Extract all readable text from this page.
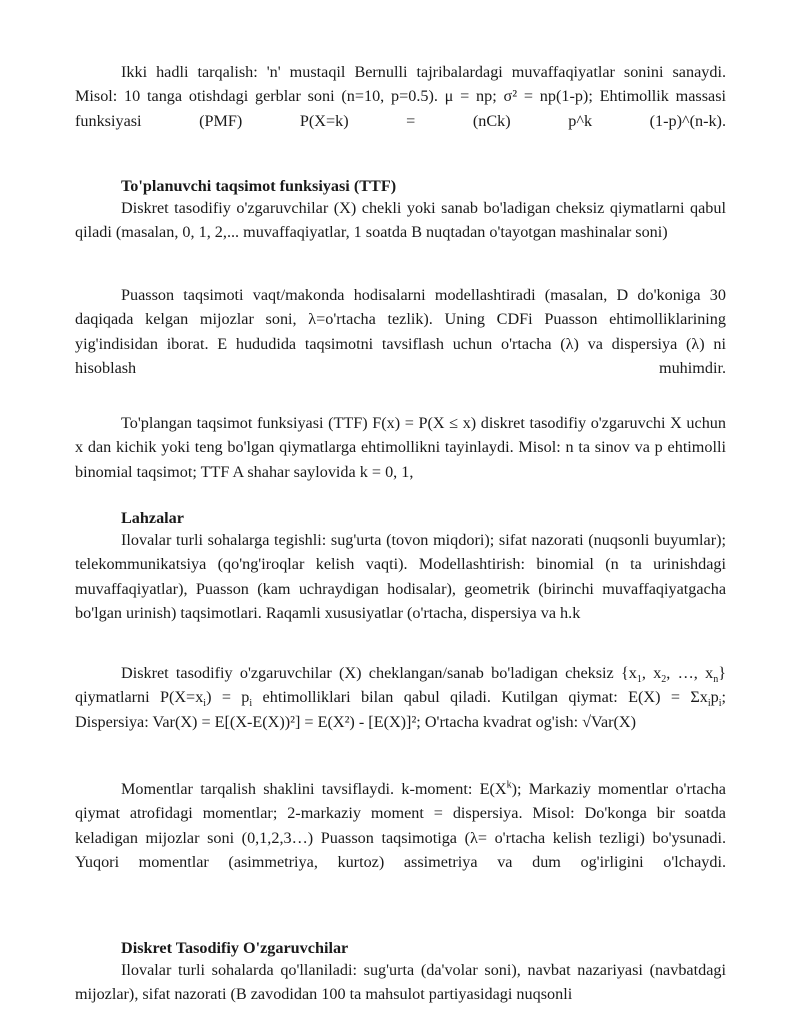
Ikki hadli tarqalish: 'n' mustaqil Bernulli tajribalardagi muvaffaqiyatlar sonini sanaydi. Misol: 10 tanga otishdagi gerblar soni (n=10, p=0.5). μ = np; σ² = np(1-p); Ehtimollik massasi funksiyasi (PMF) P(X=k) = (nCk) p^k (1-p)^(n-k).

To'planuvchi taqsimot funksiyasi (TTF)

Diskret tasodifiy o'zgaruvchilar (X) chekli yoki sanab bo'ladigan cheksiz qiymatlarni qabul qiladi (masalan, 0, 1, 2,... muvaffaqiyatlar, 1 soatda B nuqtadan o'tayotgan mashinalar soni)

Puasson taqsimoti vaqt/makonda hodisalarni modellashtiradi (masalan, D do'koniga 30 daqiqada kelgan mijozlar soni, λ=o'rtacha tezlik). Uning CDFi Puasson ehtimolliklarining yig'indisidan iborat. E hududida taqsimotni tavsiflash uchun o'rtacha (λ) va dispersiya (λ) ni hisoblash muhimdir.

To'plangan taqsimot funksiyasi (TTF) F(x) = P(X ≤ x) diskret tasodifiy o'zgaruvchi X uchun x dan kichik yoki teng bo'lgan qiymatlarga ehtimollikni tayinlaydi. Misol: n ta sinov va p ehtimolli binomial taqsimot; TTF A shahar saylovida k = 0, 1,

Lahzalar

Ilovalar turli sohalarga tegishli: sug'urta (tovon miqdori); sifat nazorati (nuqsonli buyumlar); telekommunikatsiya (qo'ng'iroqlar kelish vaqti). Modellashtirish: binomial (n ta urinishdagi muvaffaqiyatlar), Puasson (kam uchraydigan hodisalar), geometrik (birinchi muvaffaqiyatgacha bo'lgan urinish) taqsimotlari. Raqamli xususiyatlar (o'rtacha, dispersiya va h.k

Diskret tasodifiy o'zgaruvchilar (X) cheklangan/sanab bo'ladigan cheksiz {$x_1$, $x_2$, …, $x_n$} qiymatlarni $P(X=x_i) = p_i$ ehtimolliklari bilan qabul qiladi. Kutilgan qiymat: $E(X) = \Sigma x_ip_i$; Dispersiya: Var(X) = E[(X-E(X))²] = E(X²) - [E(X)]²; O'rtacha kvadrat og'ish: √Var(X)

Momentlar tarqalish shaklini tavsiflaydi. k-moment: $E(X^k)$; Markaziy momentlar o'rtacha qiymat atrofidagi momentlar; 2-markaziy moment = dispersiya. Misol: Do'konga bir soatda keladigan mijozlar soni (0,1,2,3…) Puasson taqsimotiga (λ= o'rtacha kelish tezligi) bo'ysunadi. Yuqori momentlar (asimmetriya, kurtoz) assimetriya va dum og'irligini o'lchaydi.

Diskret Tasodifiy O'zgaruvchilar

Ilovalar turli sohalarda qo'llaniladi: sug'urta (da'volar soni), navbat nazariyasi (navbatdagi mijozlar), sifat nazorati (B zavodidan 100 ta mahsulot partiyasidagi nuqsonli
